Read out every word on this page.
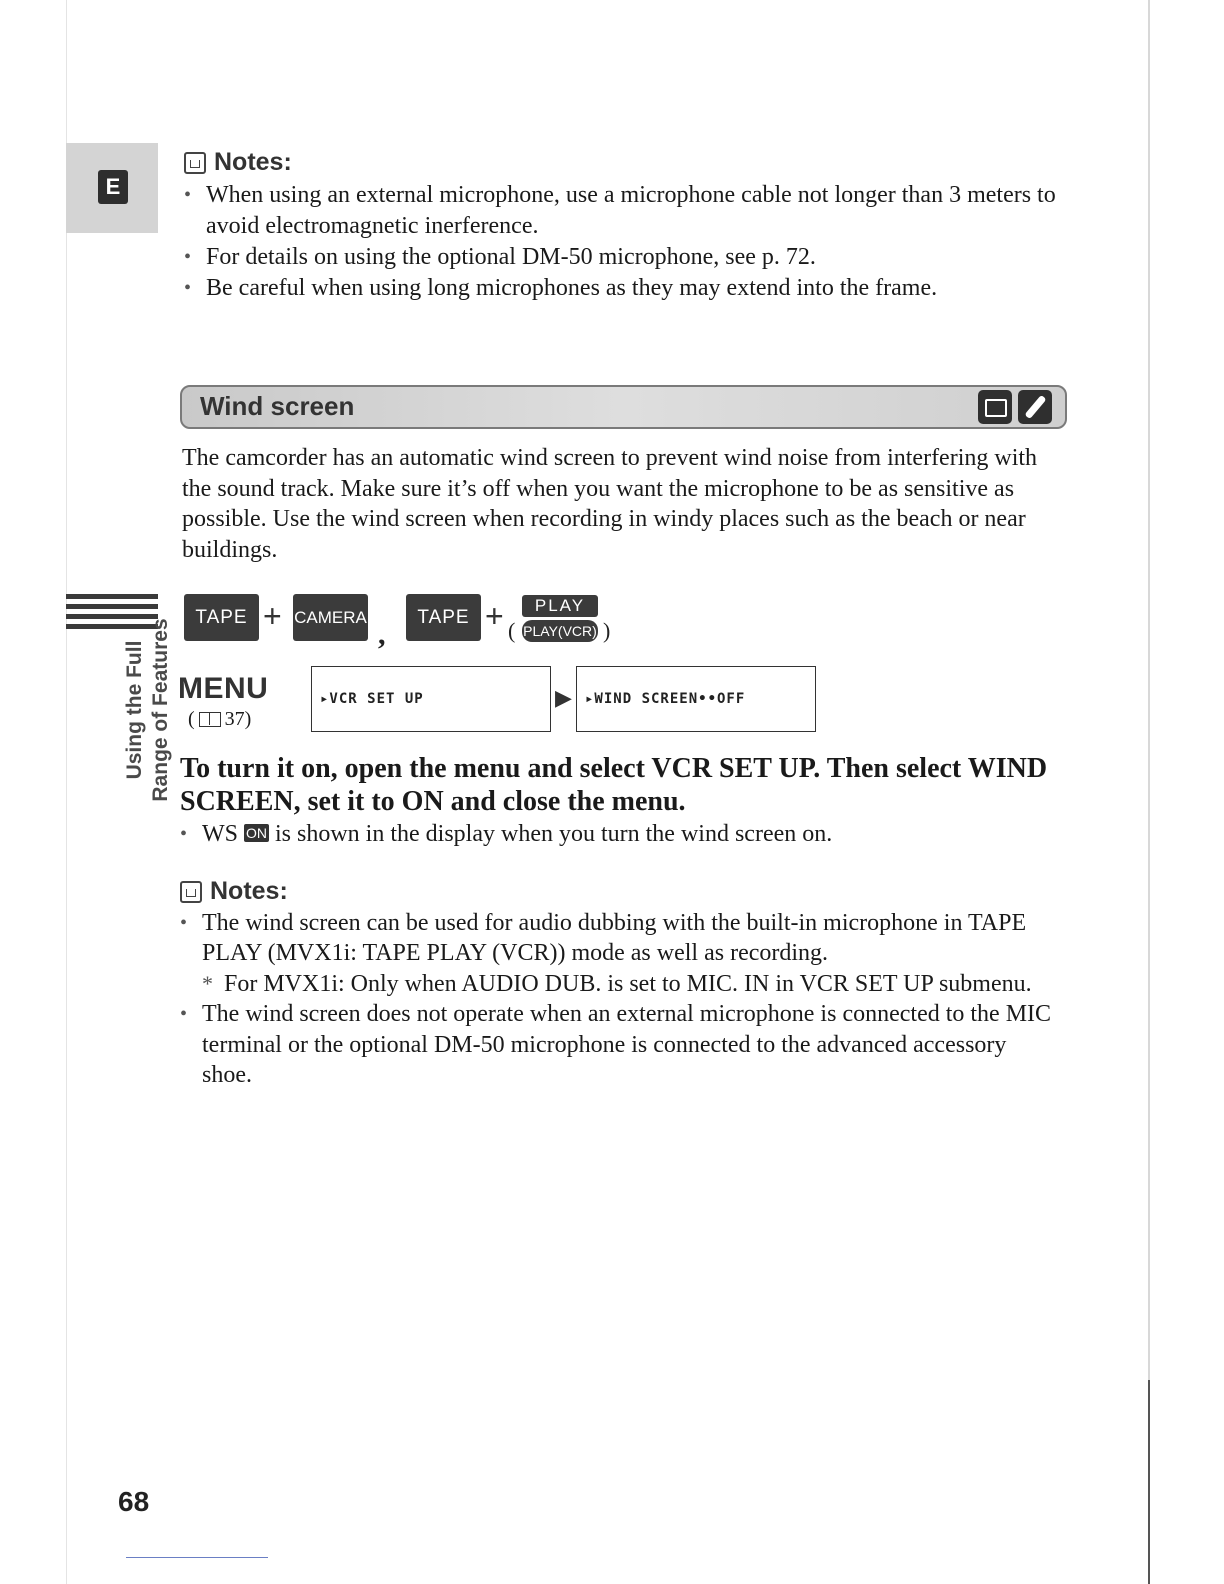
E
Using the Full Range of Features
Notes:
• When using an external microphone, use a microphone cable not longer than 3 meters to avoid electromagnetic inerference.
• For details on using the optional DM-50 microphone, see p. 72.
• Be careful when using long microphones as they may extend into the frame.
Wind screen

The camcorder has an automatic wind screen to prevent wind noise from interfering with the sound track. Make sure it’s off when you want the microphone to be as sensitive as possible. Use the wind screen when recording in windy places such as the beach or near buildings.

TAPE + CAMERA
,
TAPE + (
PLAY
PLAY(VCR) )
MENU
( 37)
▸VCR SET UP	▶ ▸WIND SCREEN••OFF

To turn it on, open the menu and select VCR SET UP. Then select WIND SCREEN, set it to ON and close the menu.

• WS ON is shown in the display when you turn the wind screen on.
Notes:
• The wind screen can be used for audio dubbing with the built-in microphone in TAPE PLAY (MVX1i: TAPE PLAY (VCR)) mode as well as recording.
* For MVX1i: Only when AUDIO DUB. is set to MIC. IN in VCR SET UP submenu.
• The wind screen does not operate when an external microphone is connected to the MIC terminal or the optional DM-50 microphone is connected to the advanced accessory shoe.
68
